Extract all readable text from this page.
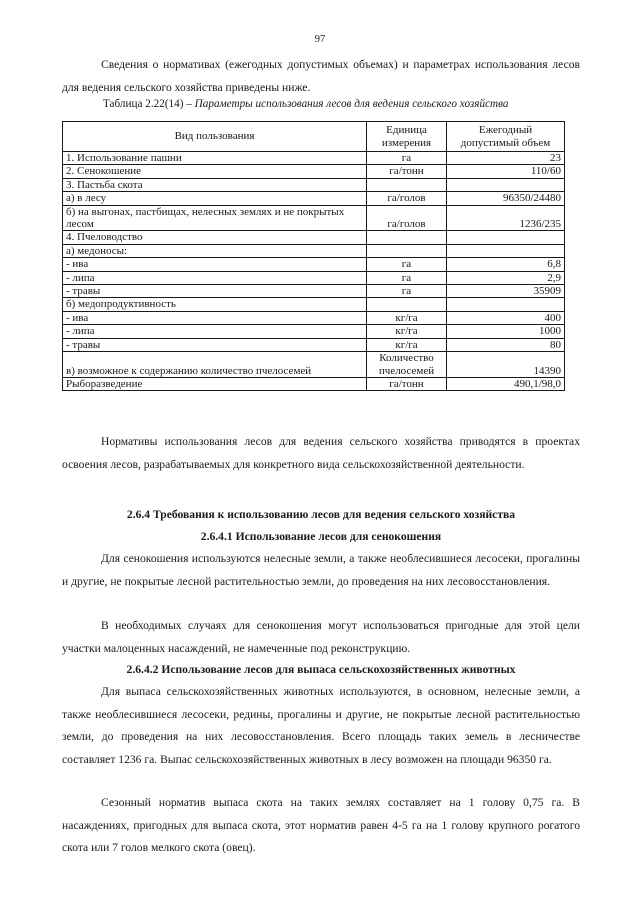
97

Сведения о нормативах (ежегодных допустимых объемах) и параметрах использования лесов для ведения сельского хозяйства приведены ниже.

Таблица 2.22(14) – Параметры использования лесов для ведения сельского хозяйства
Вид пользования	Единица измерения	Ежегодный допустимый объем
1. Использование пашни	га	23
2. Сенокошение	га/тонн	110/60
3. Пастьба скота		
а) в лесу	га/голов	96350/24480
б) на выгонах, пастбищах, нелесных землях и не покрытых лесом	га/голов	1236/235
4. Пчеловодство		
а) медоносы:		
- ива	га	6,8
- липа	га	2,9
- травы	га	35909
б) медопродуктивность		
- ива	кг/га	400
- липа	кг/га	1000
- травы	кг/га	80
в) возможное к содержанию количество пчелосемей	Количество пчелосемей	14390
Рыборазведение	га/тонн	490,1/98,0

Нормативы использования лесов для ведения сельского хозяйства приводятся в проектах освоения лесов, разрабатываемых для конкретного вида сельскохозяйственной деятельности.

2.6.4 Требования к использованию лесов для ведения сельского хозяйства

2.6.4.1 Использование лесов для сенокошения

Для сенокошения используются нелесные земли, а также необлесившиеся лесосеки, прогалины и другие, не покрытые лесной растительностью земли, до проведения на них лесовосстановления.

В необходимых случаях для сенокошения могут использоваться пригодные для этой цели участки малоценных насаждений, не намеченные под реконструкцию.

2.6.4.2 Использование лесов для выпаса сельскохозяйственных животных

Для выпаса сельскохозяйственных животных используются, в основном, нелесные земли, а также необлесившиеся лесосеки, редины, прогалины и другие, не покрытые лесной растительностью земли, до проведения на них лесовосстановления. Всего площадь таких земель в лесничестве составляет 1236 га. Выпас сельскохозяйственных животных в лесу возможен на площади 96350 га.

Сезонный норматив выпаса скота на таких землях составляет на 1 голову 0,75 га. В насаждениях, пригодных для выпаса скота, этот норматив равен 4-5 га на 1 голову крупного рогатого скота или 7 голов мелкого скота (овец).
